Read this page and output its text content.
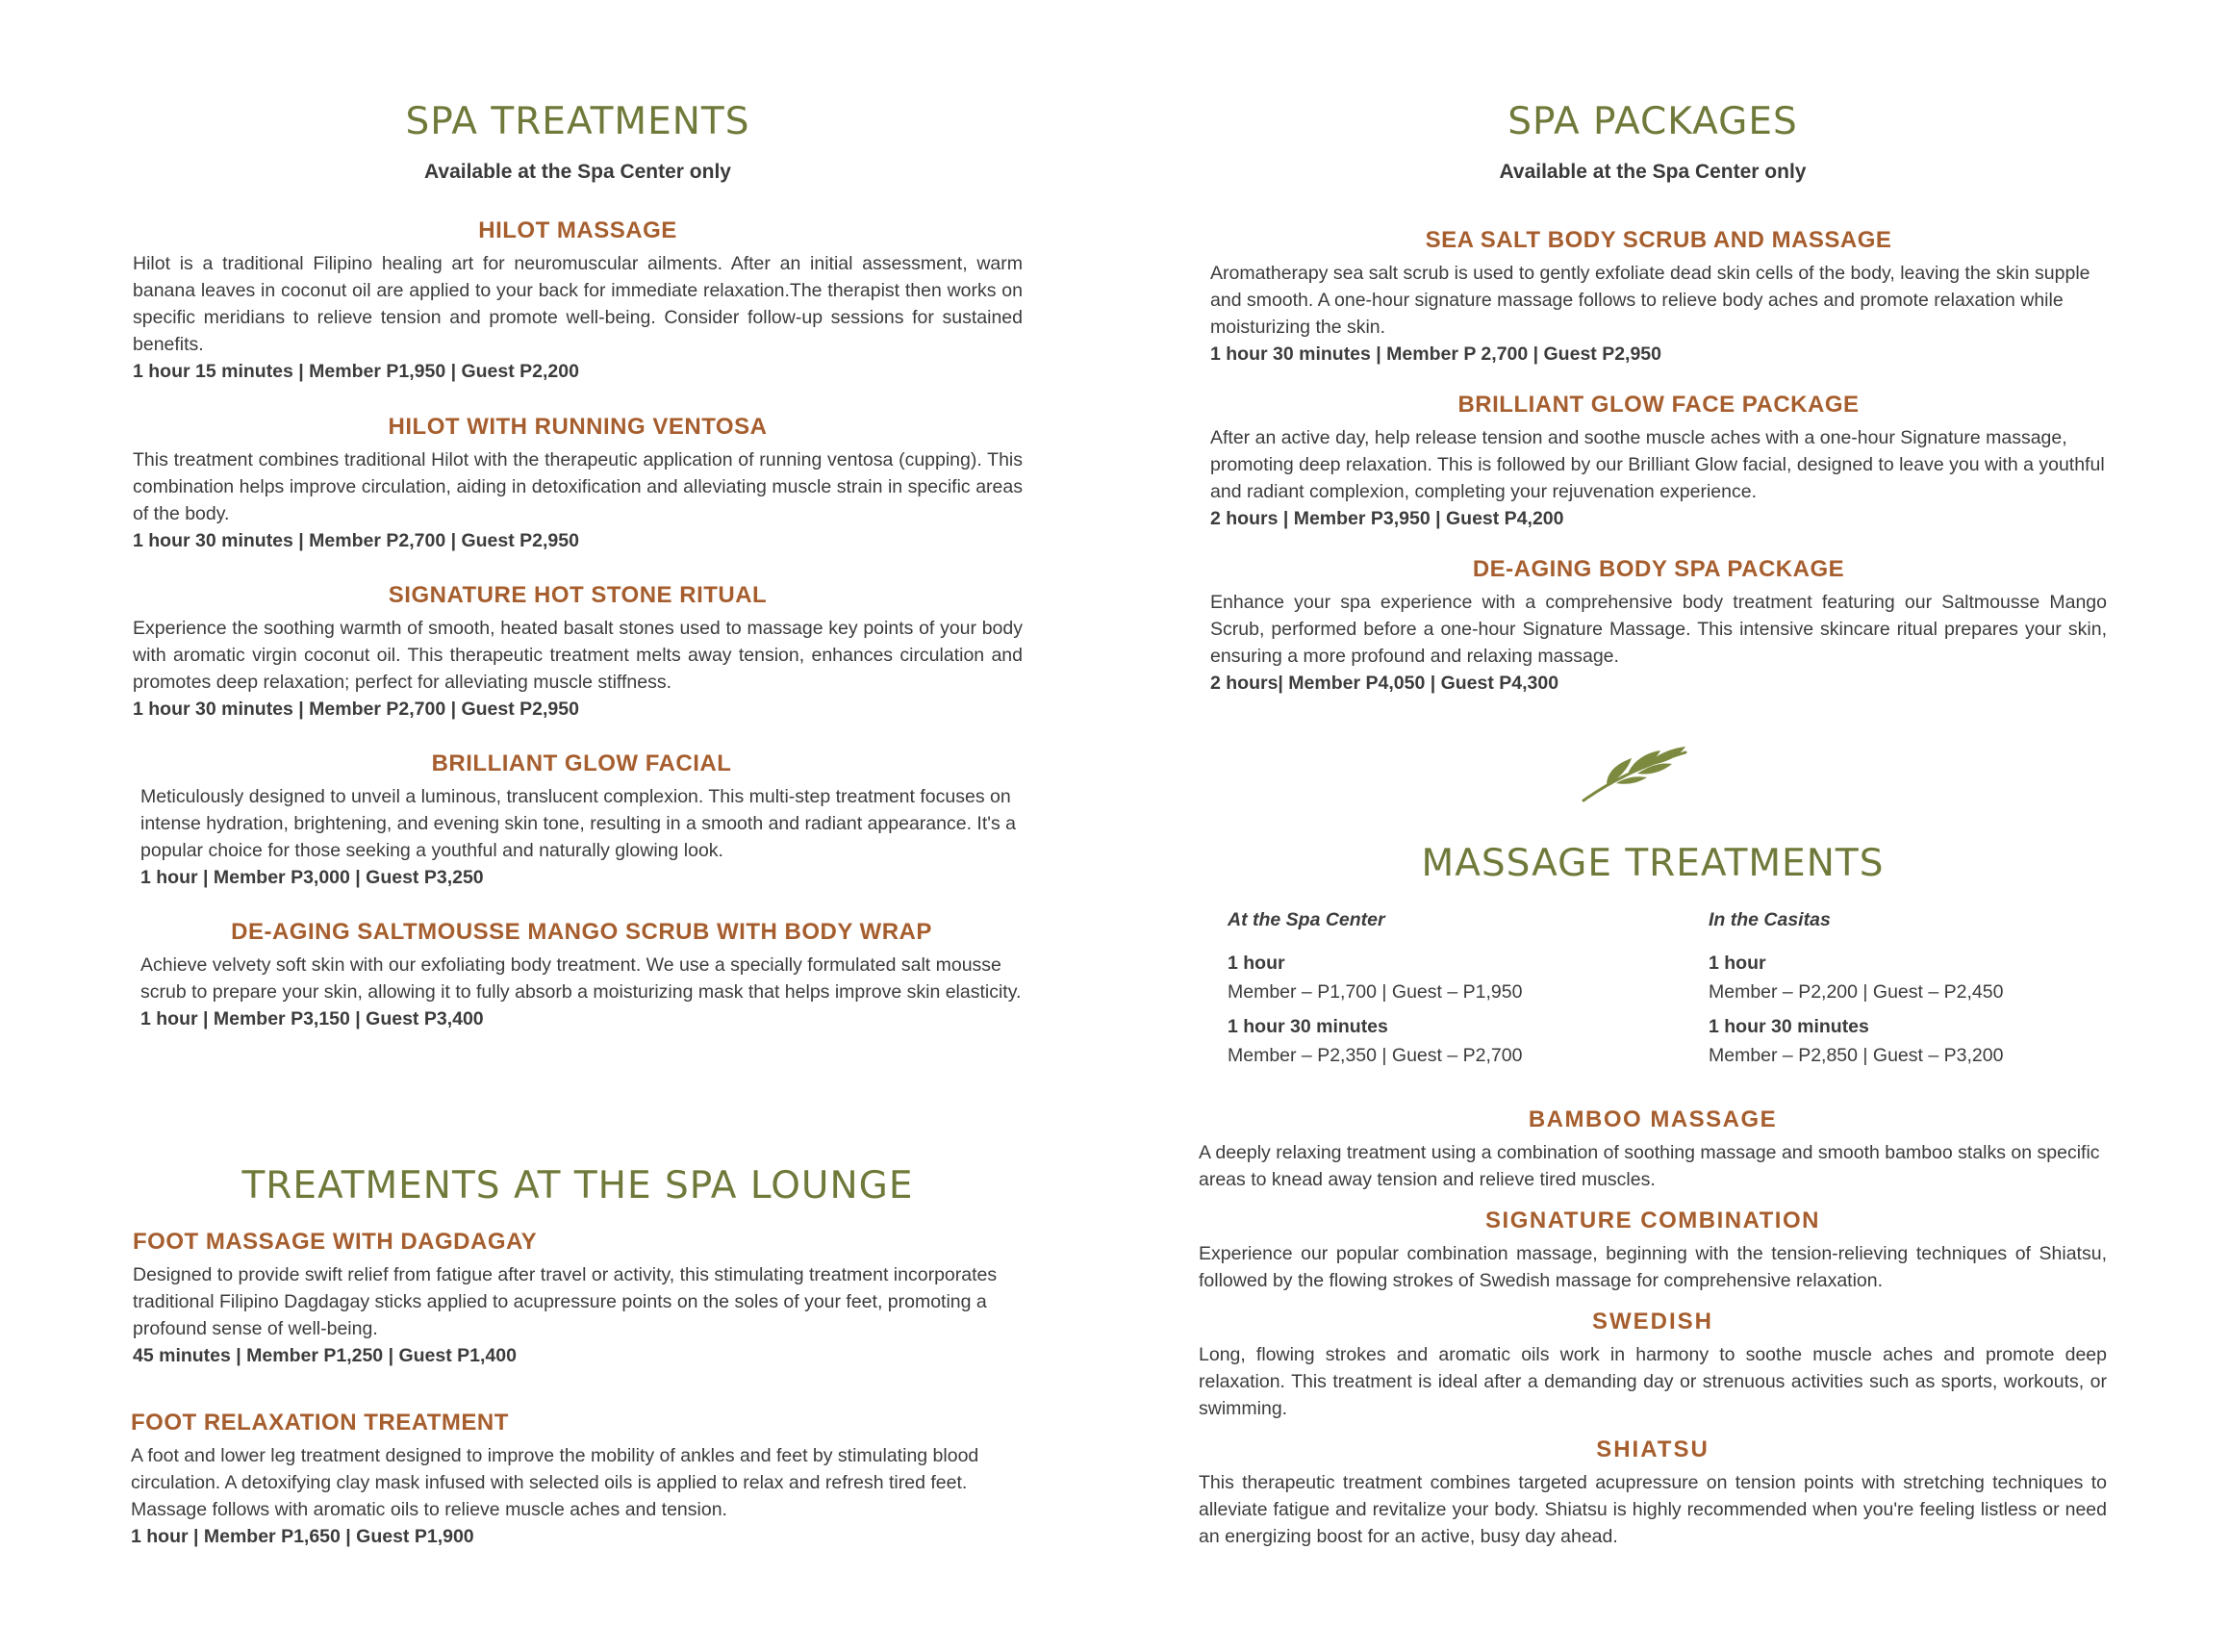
SPA TREATMENTS

Available at the Spa Center only

HILOT MASSAGE

Hilot is a traditional Filipino healing art for neuromuscular ailments. After an initial assessment, warm banana leaves in coconut oil are applied to your back for immediate relaxation.The therapist then works on specific meridians to relieve tension and promote well-being. Consider follow-up sessions for sustained benefits.

1 hour 15 minutes | Member P1,950 | Guest P2,200

HILOT WITH RUNNING VENTOSA

This treatment combines traditional Hilot with the therapeutic application of running ventosa (cupping). This combination helps improve circulation, aiding in detoxification and alleviating muscle strain in specific areas of the body.

1 hour 30 minutes | Member P2,700 | Guest P2,950

SIGNATURE HOT STONE RITUAL

Experience the soothing warmth of smooth, heated basalt stones used to massage key points of your body with aromatic virgin coconut oil. This therapeutic treatment melts away tension, enhances circulation and promotes deep relaxation; perfect for alleviating muscle stiffness.

1 hour 30 minutes | Member P2,700 | Guest P2,950

BRILLIANT GLOW FACIAL

Meticulously designed to unveil a luminous, translucent complexion. This multi-step treatment focuses on intense hydration, brightening, and evening skin tone, resulting in a smooth and radiant appearance. It's a popular choice for those seeking a youthful and naturally glowing look.

1 hour | Member P3,000 | Guest P3,250

DE-AGING SALTMOUSSE MANGO SCRUB WITH BODY WRAP

Achieve velvety soft skin with our exfoliating body treatment. We use a specially formulated salt mousse scrub to prepare your skin, allowing it to fully absorb a moisturizing mask that helps improve skin elasticity.

1 hour | Member P3,150 | Guest P3,400

TREATMENTS AT THE SPA LOUNGE
FOOT MASSAGE WITH DAGDAGAY

Designed to provide swift relief from fatigue after travel or activity, this stimulating treatment incorporates traditional Filipino Dagdagay sticks applied to acupressure points on the soles of your feet, promoting a profound sense of well-being.

45 minutes | Member P1,250 | Guest P1,400

FOOT RELAXATION TREATMENT

A foot and lower leg treatment designed to improve the mobility of ankles and feet by stimulating blood circulation. A detoxifying clay mask infused with selected oils is applied to relax and refresh tired feet. Massage follows with aromatic oils to relieve muscle aches and tension.

1 hour | Member P1,650 | Guest P1,900

SPA PACKAGES

Available at the Spa Center only

SEA SALT BODY SCRUB AND MASSAGE

Aromatherapy sea salt scrub is used to gently exfoliate dead skin cells of the body, leaving the skin supple and smooth. A one-hour signature massage follows to relieve body aches and promote relaxation while moisturizing the skin.

1 hour 30 minutes | Member P 2,700 | Guest P2,950

BRILLIANT GLOW FACE PACKAGE

After an active day, help release tension and soothe muscle aches with a one-hour Signature massage, promoting deep relaxation. This is followed by our Brilliant Glow facial, designed to leave you with a youthful and radiant complexion, completing your rejuvenation experience.

2 hours | Member P3,950 | Guest P4,200

DE-AGING BODY SPA PACKAGE

Enhance your spa experience with a comprehensive body treatment featuring our Saltmousse Mango Scrub, performed before a one-hour Signature Massage. This intensive skincare ritual prepares your skin, ensuring a more profound and relaxing massage.

2 hours| Member P4,050 | Guest P4,300

MASSAGE TREATMENTS

At the Spa Center

1 hour

Member – P1,700 | Guest – P1,950

1 hour 30 minutes

Member – P2,350 | Guest – P2,700

In the Casitas

1 hour

Member – P2,200 | Guest – P2,450

1 hour 30 minutes

Member – P2,850 | Guest – P3,200

BAMBOO MASSAGE

A deeply relaxing treatment using a combination of soothing massage and smooth bamboo stalks on specific areas to knead away tension and relieve tired muscles.

SIGNATURE COMBINATION

Experience our popular combination massage, beginning with the tension-relieving techniques of Shiatsu, followed by the flowing strokes of Swedish massage for comprehensive relaxation.

SWEDISH

Long, flowing strokes and aromatic oils work in harmony to soothe muscle aches and promote deep relaxation. This treatment is ideal after a demanding day or strenuous activities such as sports, workouts, or swimming.

SHIATSU

This therapeutic treatment combines targeted acupressure on tension points with stretching techniques to alleviate fatigue and revitalize your body. Shiatsu is highly recommended when you're feeling listless or need an energizing boost for an active, busy day ahead.
